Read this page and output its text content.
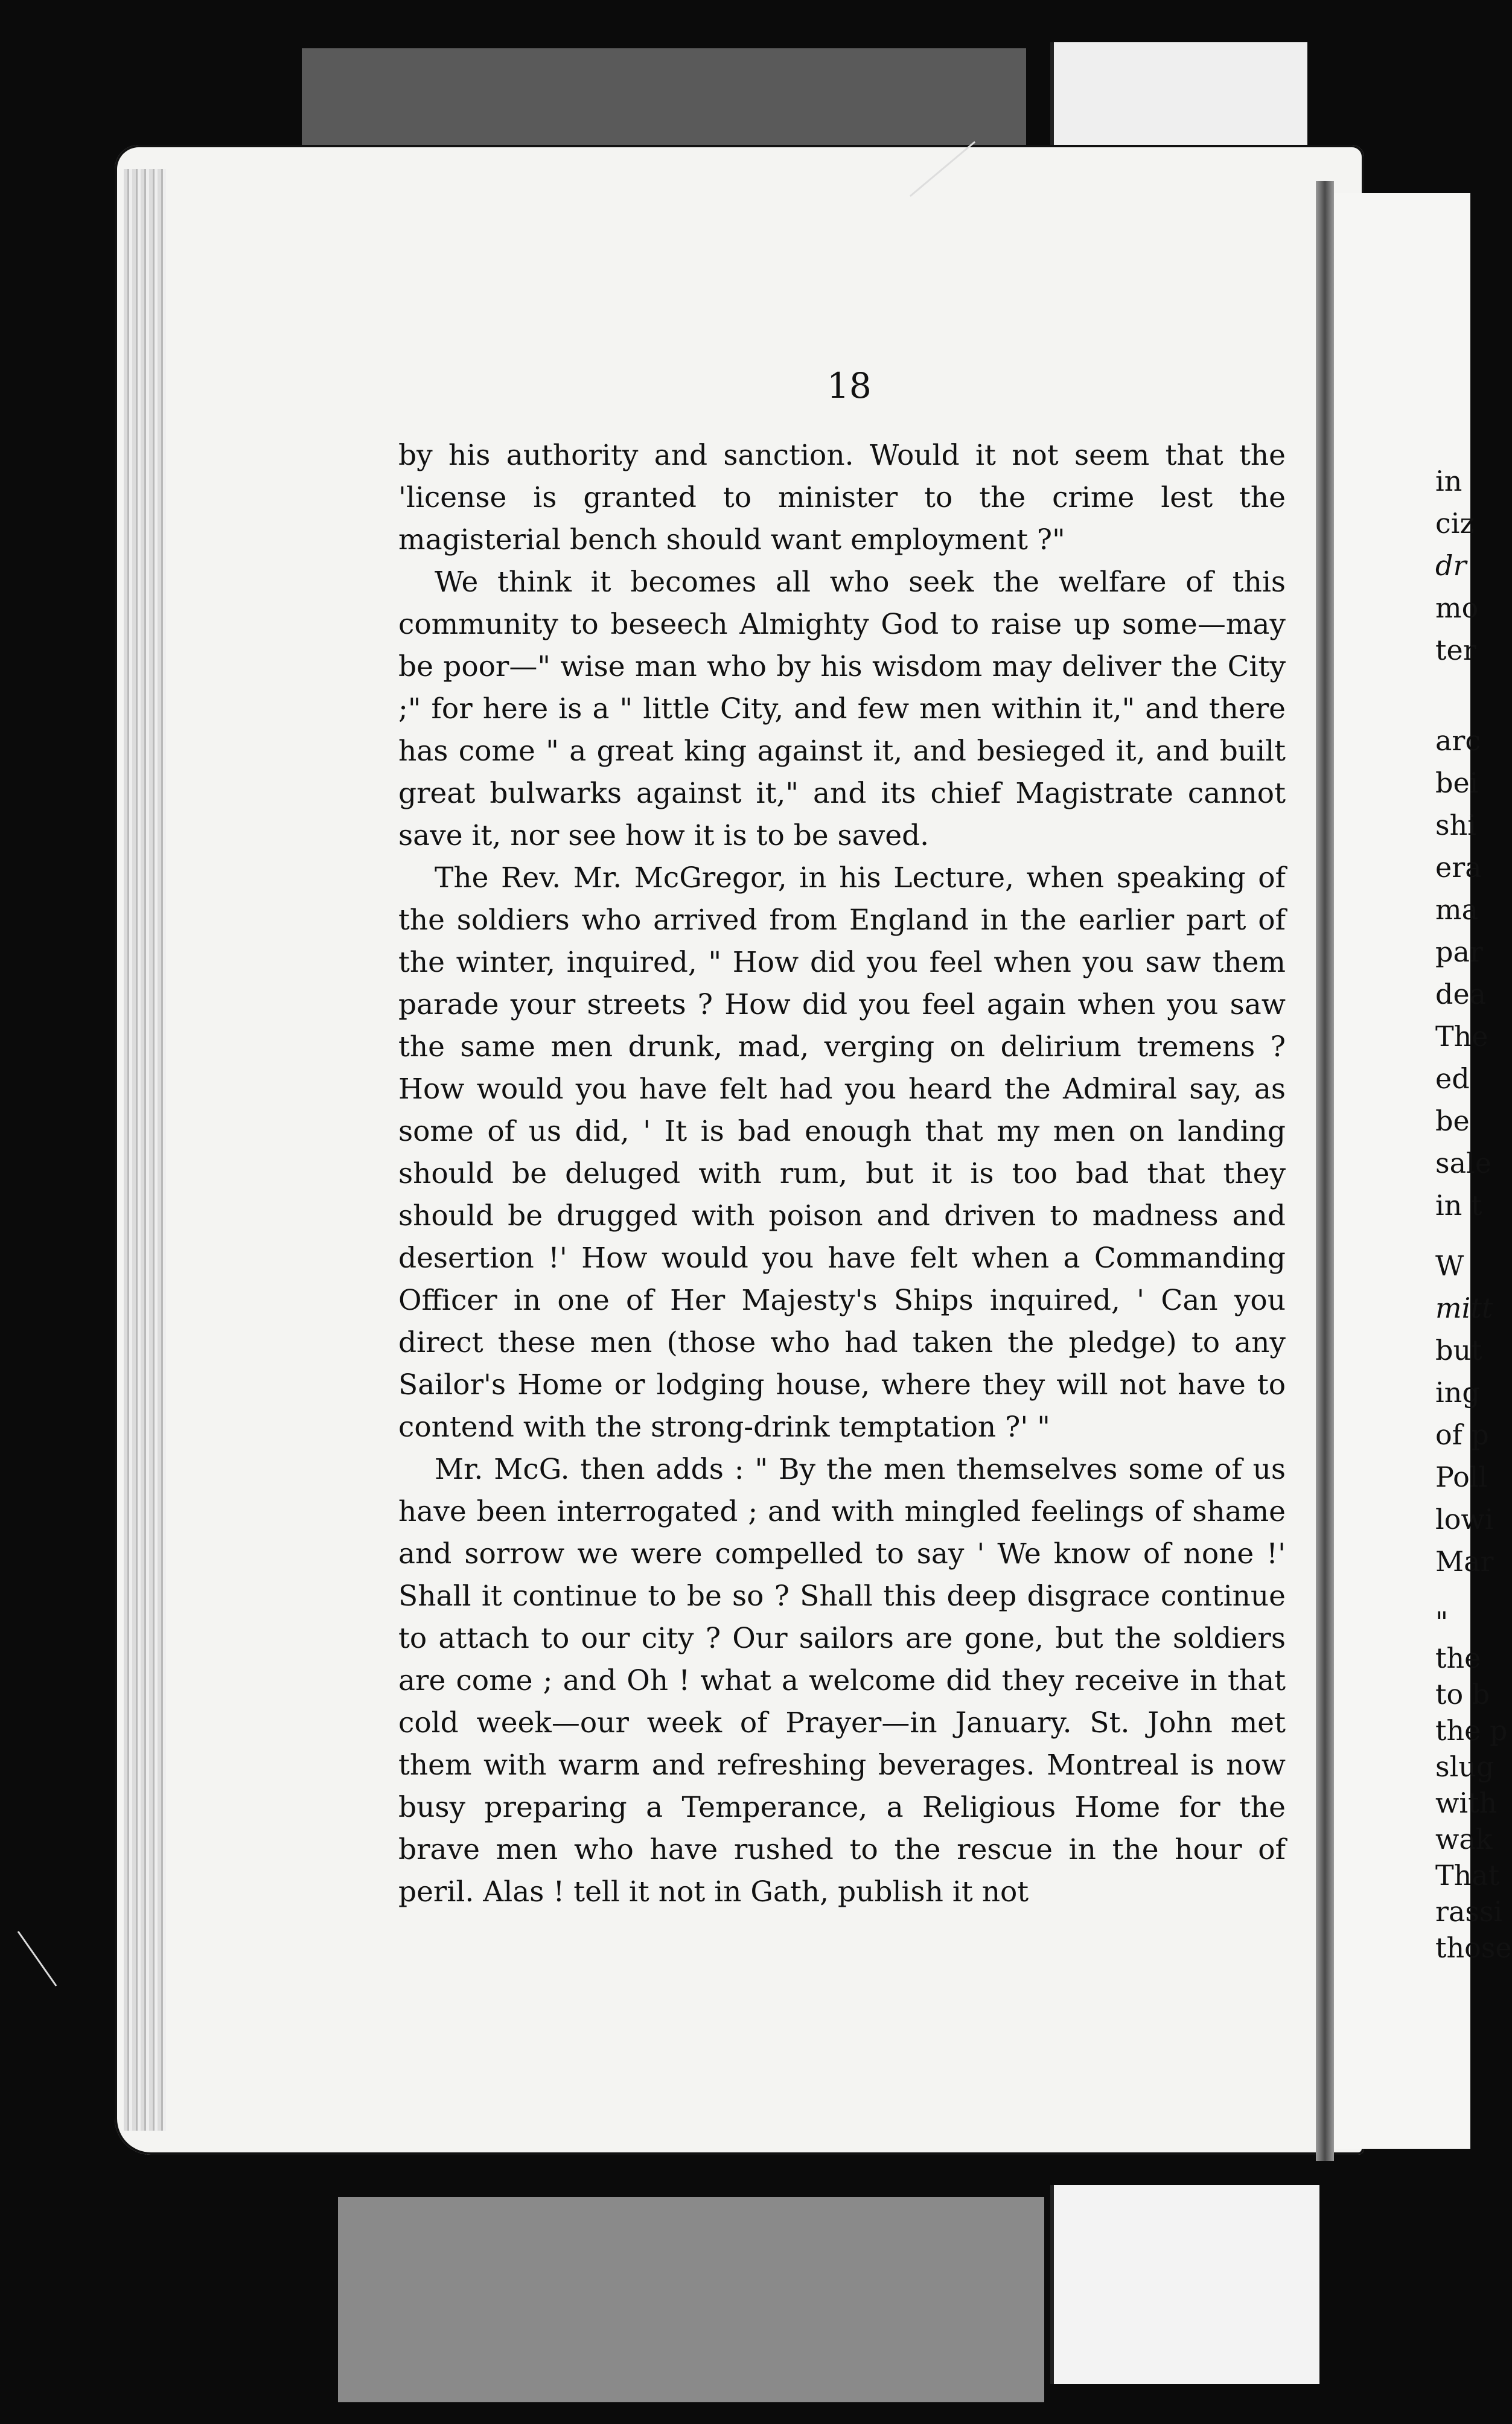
18

by his authority and sanction. Would it not seem that the 'license is granted to minister to the crime lest the magisterial bench should want employment ?"

We think it becomes all who seek the welfare of this community to beseech Almighty God to raise up some—may be poor—" wise man who by his wisdom may deliver the City ;" for here is a " little City, and few men within it," and there has come " a great king against it, and besieged it, and built great bulwarks against it," and its chief Magistrate cannot save it, nor see how it is to be saved.

The Rev. Mr. McGregor, in his Lecture, when speaking of the soldiers who arrived from England in the earlier part of the winter, inquired, " How did you feel when you saw them parade your streets ? How did you feel again when you saw the same men drunk, mad, verging on delirium tremens ? How would you have felt had you heard the Admiral say, as some of us did, ' It is bad enough that my men on landing should be deluged with rum, but it is too bad that they should be drugged with poison and driven to madness and desertion !' How would you have felt when a Commanding Officer in one of Her Majesty's Ships inquired, ' Can you direct these men (those who had taken the pledge) to any Sailor's Home or lodging house, where they will not have to contend with the strong-drink temptation ?' "

Mr. McG. then adds : " By the men themselves some of us have been interrogated ; and with mingled feelings of shame and sorrow we were compelled to say ' We know of none !' Shall it continue to be so ? Shall this deep disgrace continue to attach to our city ? Our sailors are gone, but the soldiers are come ; and Oh ! what a welcome did they receive in that cold week—our week of Prayer—in January. St. John met them with warm and refreshing beverages. Montreal is now busy preparing a Temperance, a Religious Home for the brave men who have rushed to the rescue in the hour of peril. Alas ! tell it not in Gath, publish it not

in
ciz
dr
mo
ter
arc
bei
shi
era
ma
par
dea
The
ed
be
sale
in t
W
mitt
but
ing
of p
Poll
lowi
Mar
"
the
to b
the p
slug
with
wak
That
rassi
those
